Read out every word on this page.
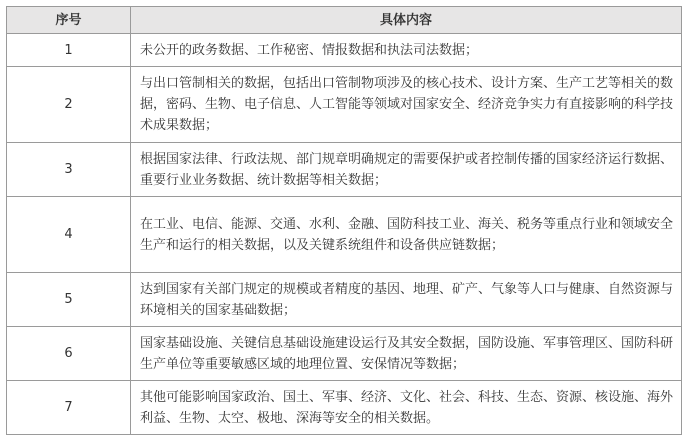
序号	具体内容
1	未公开的政务数据、工作秘密、情报数据和执法司法数据；
2	与出口管制相关的数据，包括出口管制物项涉及的核心技术、设计方案、生产工艺等相关的数据，密码、生物、电子信息、人工智能等领域对国家安全、经济竞争实力有直接影响的科学技术成果数据；
3	根据国家法律、行政法规、部门规章明确规定的需要保护或者控制传播的国家经济运行数据、重要行业业务数据、统计数据等相关数据；
4	在工业、电信、能源、交通、水利、金融、国防科技工业、海关、税务等重点行业和领域安全生产和运行的相关数据，以及关键系统组件和设备供应链数据；
5	达到国家有关部门规定的规模或者精度的基因、地理、矿产、气象等人口与健康、自然资源与环境相关的国家基础数据；
6	国家基础设施、关键信息基础设施建设运行及其安全数据，国防设施、军事管理区、国防科研生产单位等重要敏感区域的地理位置、安保情况等数据；
7	其他可能影响国家政治、国土、军事、经济、文化、社会、科技、生态、资源、核设施、海外利益、生物、太空、极地、深海等安全的相关数据。
